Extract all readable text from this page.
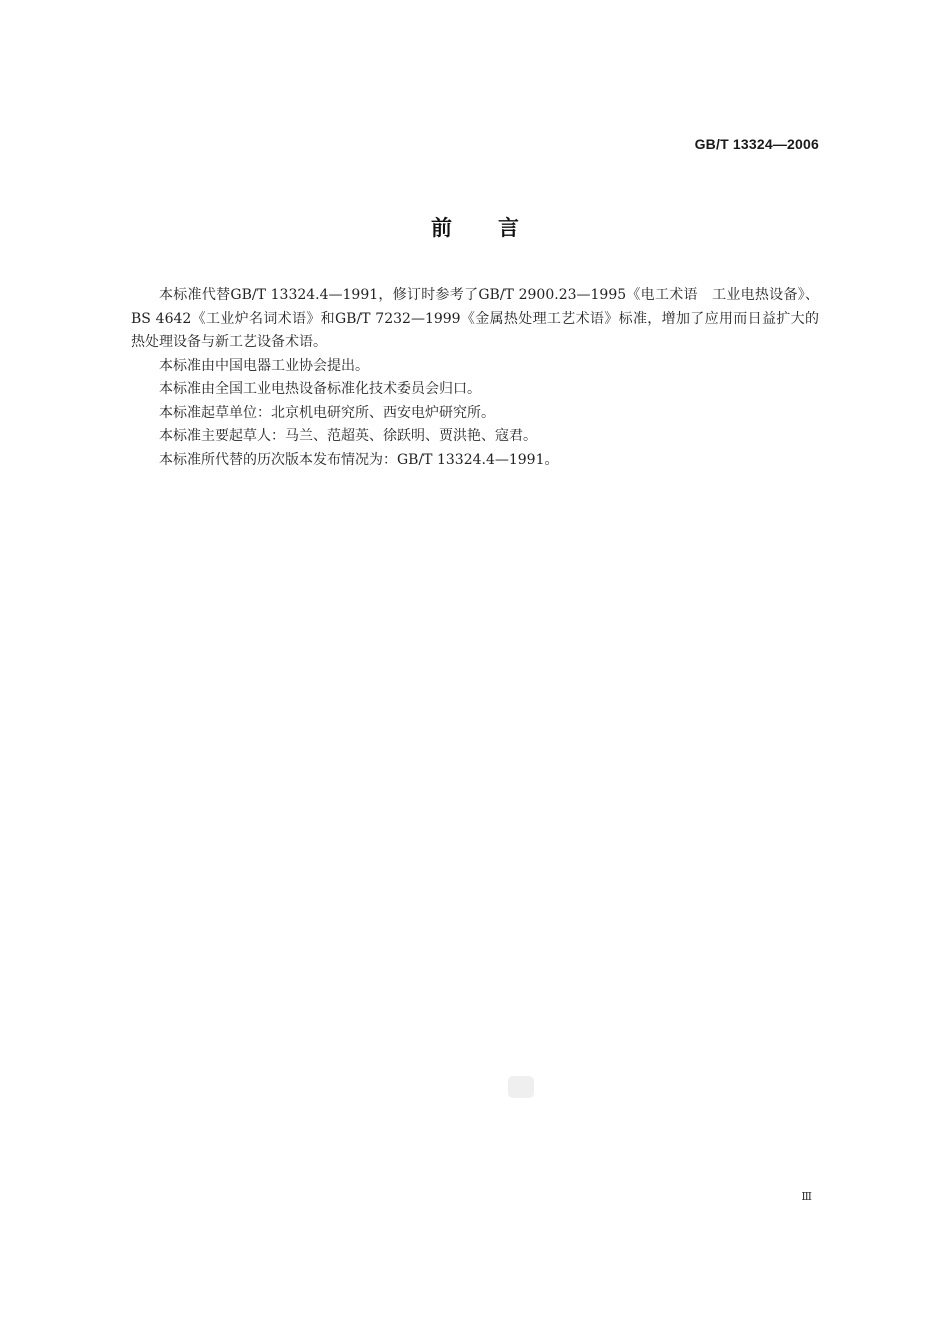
GB/T 13324—2006
前言

本标准代替GB/T 13324.4—1991，修订时参考了GB/T 2900.23—1995《电工术语　工业电热设备》、BS 4642《工业炉名词术语》和GB/T 7232—1999《金属热处理工艺术语》标准，增加了应用而日益扩大的热处理设备与新工艺设备术语。

本标准由中国电器工业协会提出。

本标准由全国工业电热设备标准化技术委员会归口。

本标准起草单位：北京机电研究所、西安电炉研究所。

本标准主要起草人：马兰、范超英、徐跃明、贾洪艳、寇君。

本标准所代替的历次版本发布情况为：GB/T 13324.4—1991。

Ⅲ
